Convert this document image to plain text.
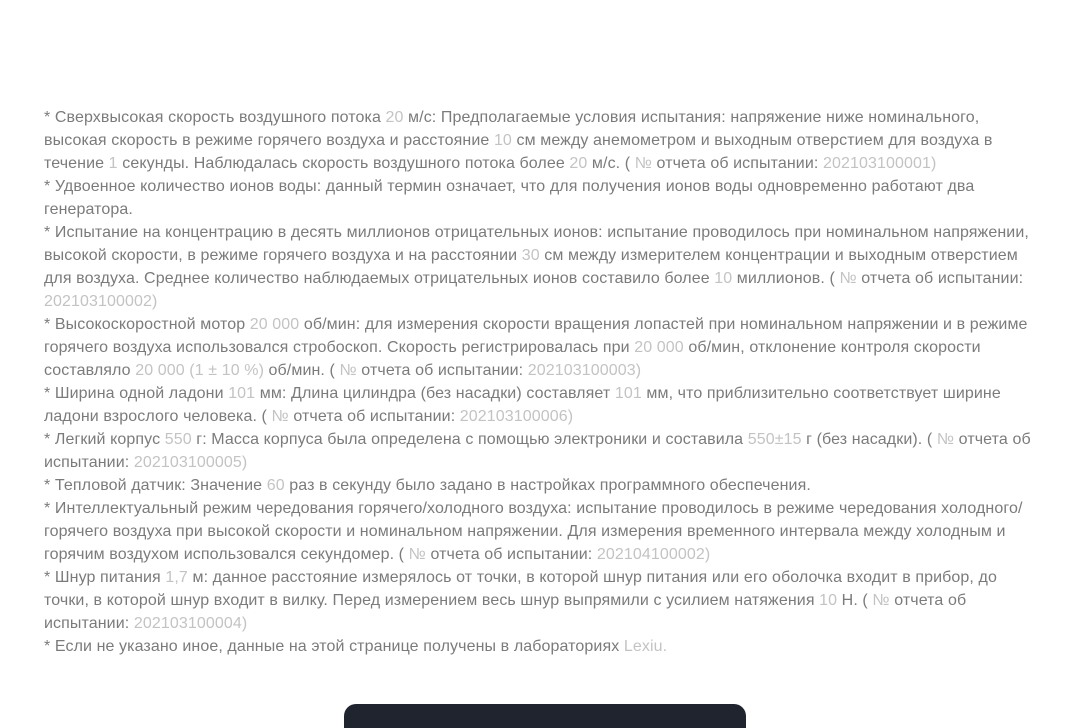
* Сверхвысокая скорость воздушного потока 20 м/с: Предполагаемые условия испытания: напряжение ниже номинального, высокая скорость в режиме горячего воздуха и расстояние 10 см между анемометром и выходным отверстием для воздуха в течение 1 секунды. Наблюдалась скорость воздушного потока более 20 м/с. ( № отчета об испытании: 202103100001)

* Удвоенное количество ионов воды: данный термин означает, что для получения ионов воды одновременно работают два генератора.

* Испытание на концентрацию в десять миллионов отрицательных ионов: испытание проводилось при номинальном напряжении, высокой скорости, в режиме горячего воздуха и на расстоянии 30 см между измерителем концентрации и выходным отверстием для воздуха. Среднее количество наблюдаемых отрицательных ионов составило более 10 миллионов. ( № отчета об испытании: 202103100002)

* Высокоскоростной мотор 20 000 об/мин: для измерения скорости вращения лопастей при номинальном напряжении и в режиме горячего воздуха использовался стробоскоп. Скорость регистрировалась при 20 000 об/мин, отклонение контроля скорости составляло 20 000 (1 ± 10 %) об/мин. ( № отчета об испытании: 202103100003)

* Ширина одной ладони 101 мм: Длина цилиндра (без насадки) составляет 101 мм, что приблизительно соответствует ширине ладони взрослого человека. ( № отчета об испытании: 202103100006)

* Легкий корпус 550 г: Масса корпуса была определена с помощью электроники и составила 550±15 г (без насадки). ( № отчета об испытании: 202103100005)

* Тепловой датчик: Значение 60 раз в секунду было задано в настройках программного обеспечения.

* Интеллектуальный режим чередования горячего/холодного воздуха: испытание проводилось в режиме чередования холодного/горячего воздуха при высокой скорости и номинальном напряжении. Для измерения временного интервала между холодным и горячим воздухом использовался секундомер. ( № отчета об испытании: 202104100002)

* Шнур питания 1,7 м: данное расстояние измерялось от точки, в которой шнур питания или его оболочка входит в прибор, до точки, в которой шнур входит в вилку. Перед измерением весь шнур выпрямили с усилием натяжения 10 Н. ( № отчета об испытании: 202103100004)

* Если не указано иное, данные на этой странице получены в лабораториях Lexiu.
